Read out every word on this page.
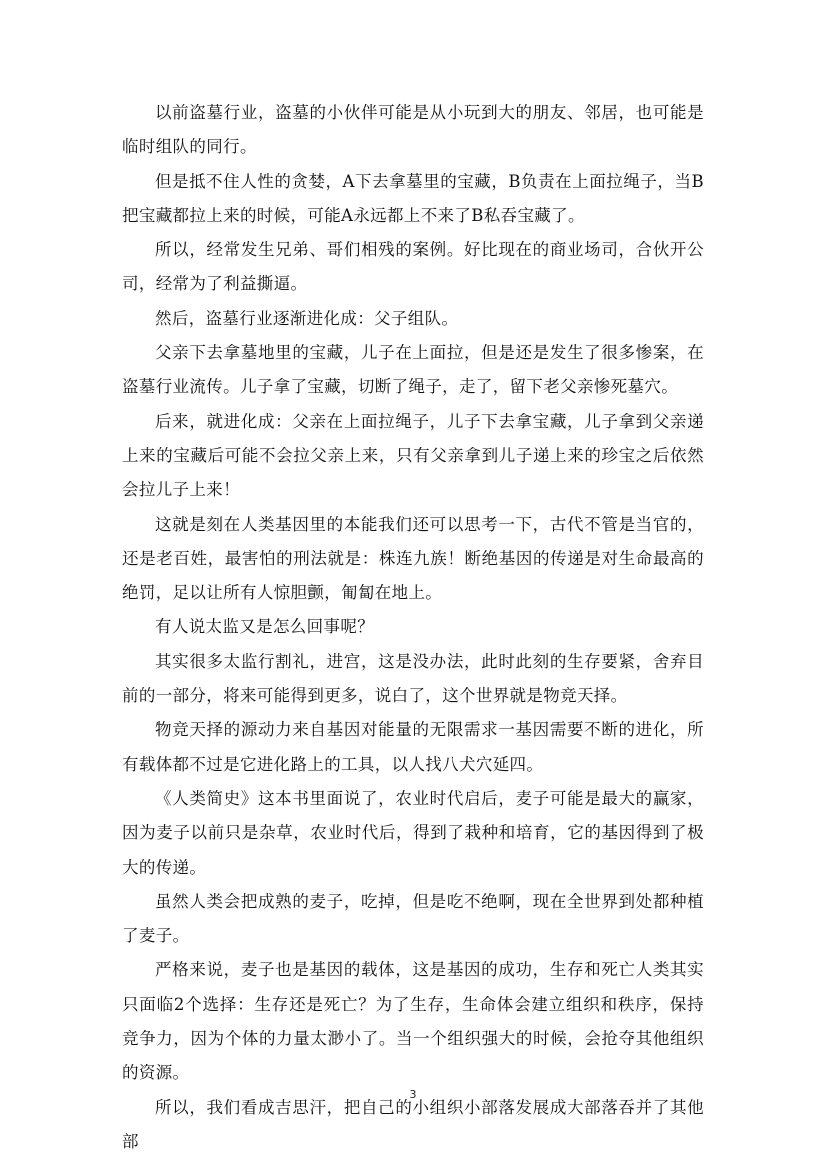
以前盗墓行业，盗墓的小伙伴可能是从小玩到大的朋友、邻居，也可能是临时组队的同行。

但是抵不住人性的贪婪，A下去拿墓里的宝藏，B负责在上面拉绳子，当B把宝藏都拉上来的时候，可能A永远都上不来了B私吞宝藏了。

所以，经常发生兄弟、哥们相残的案例。好比现在的商业场司，合伙开公司，经常为了利益撕逼。

然后，盗墓行业逐渐进化成：父子组队。

父亲下去拿墓地里的宝藏，儿子在上面拉，但是还是发生了很多惨案，在盗墓行业流传。儿子拿了宝藏，切断了绳子，走了，留下老父亲惨死墓穴。

后来，就进化成：父亲在上面拉绳子，儿子下去拿宝藏，儿子拿到父亲递上来的宝藏后可能不会拉父亲上来，只有父亲拿到儿子递上来的珍宝之后依然会拉儿子上来！

这就是刻在人类基因里的本能我们还可以思考一下，古代不管是当官的，还是老百姓，最害怕的刑法就是：株连九族！断绝基因的传递是对生命最高的绝罚，足以让所有人惊胆颤，匍匐在地上。

有人说太监又是怎么回事呢？

其实很多太监行割礼，进宫，这是没办法，此时此刻的生存要紧，舍弃目前的一部分，将来可能得到更多，说白了，这个世界就是物竞天择。

物竞天择的源动力来自基因对能量的无限需求一基因需要不断的进化，所有载体都不过是它进化路上的工具，以人找八犬穴延四。

《人类简史》这本书里面说了，农业时代启后，麦子可能是最大的赢家，因为麦子以前只是杂草，农业时代后，得到了栽种和培育，它的基因得到了极大的传递。

虽然人类会把成熟的麦子，吃掉，但是吃不绝啊，现在全世界到处都种植了麦子。

严格来说，麦子也是基因的载体，这是基因的成功，生存和死亡人类其实只面临2个选择：生存还是死亡？为了生存，生命体会建立组织和秩序，保持竞争力，因为个体的力量太渺小了。当一个组织强大的时候，会抢夺其他组织的资源。

所以，我们看成吉思汗，把自己的小组织小部落发展成大部落吞并了其他部

3
